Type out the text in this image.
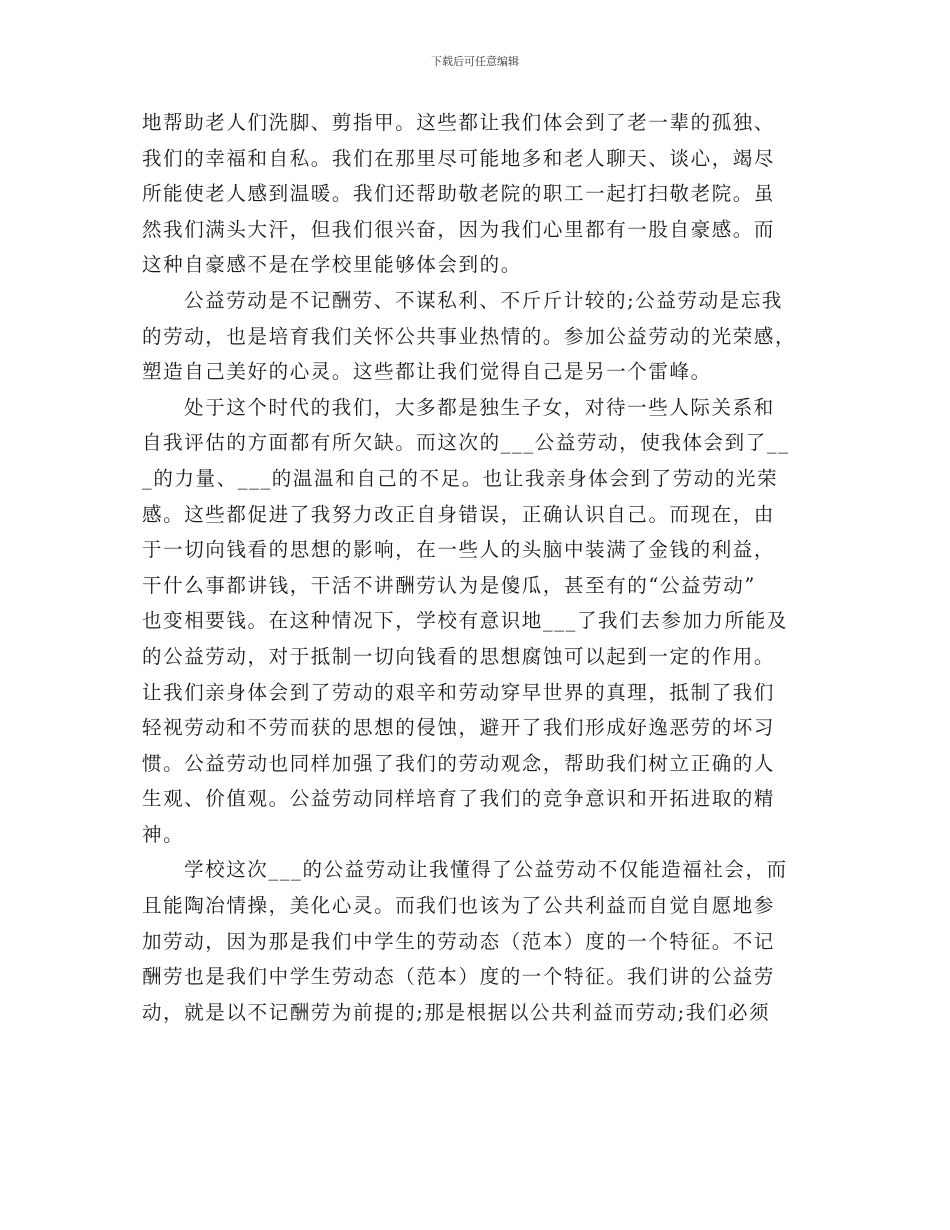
下载后可任意编辑

地帮助老人们洗脚、剪指甲。这些都让我们体会到了老一辈的孤独、
我们的幸福和自私。我们在那里尽可能地多和老人聊天、谈心，竭尽
所能使老人感到温暖。我们还帮助敬老院的职工一起打扫敬老院。虽
然我们满头大汗，但我们很兴奋，因为我们心里都有一股自豪感。而
这种自豪感不是在学校里能够体会到的。

公益劳动是不记酬劳、不谋私利、不斤斤计较的;公益劳动是忘我
的劳动，也是培育我们关怀公共事业热情的。参加公益劳动的光荣感，
塑造自己美好的心灵。这些都让我们觉得自己是另一个雷峰。

处于这个时代的我们，大多都是独生子女，对待一些人际关系和
自我评估的方面都有所欠缺。而这次的___公益劳动，使我体会到了__
_的力量、___的温温和自己的不足。也让我亲身体会到了劳动的光荣
感。这些都促进了我努力改正自身错误，正确认识自己。而现在，由
于一切向钱看的思想的影响，在一些人的头脑中装满了金钱的利益，
干什么事都讲钱，干活不讲酬劳认为是傻瓜，甚至有的“公益劳动”
也变相要钱。在这种情况下，学校有意识地___了我们去参加力所能及
的公益劳动，对于抵制一切向钱看的思想腐蚀可以起到一定的作用。
让我们亲身体会到了劳动的艰辛和劳动穿早世界的真理，抵制了我们
轻视劳动和不劳而获的思想的侵蚀，避开了我们形成好逸恶劳的坏习
惯。公益劳动也同样加强了我们的劳动观念，帮助我们树立正确的人
生观、价值观。公益劳动同样培育了我们的竞争意识和开拓进取的精
神。

学校这次___的公益劳动让我懂得了公益劳动不仅能造福社会，而
且能陶冶情操，美化心灵。而我们也该为了公共利益而自觉自愿地参
加劳动，因为那是我们中学生的劳动态（范本）度的一个特征。不记
酬劳也是我们中学生劳动态（范本）度的一个特征。我们讲的公益劳
动，就是以不记酬劳为前提的;那是根据以公共利益而劳动;我们必须
